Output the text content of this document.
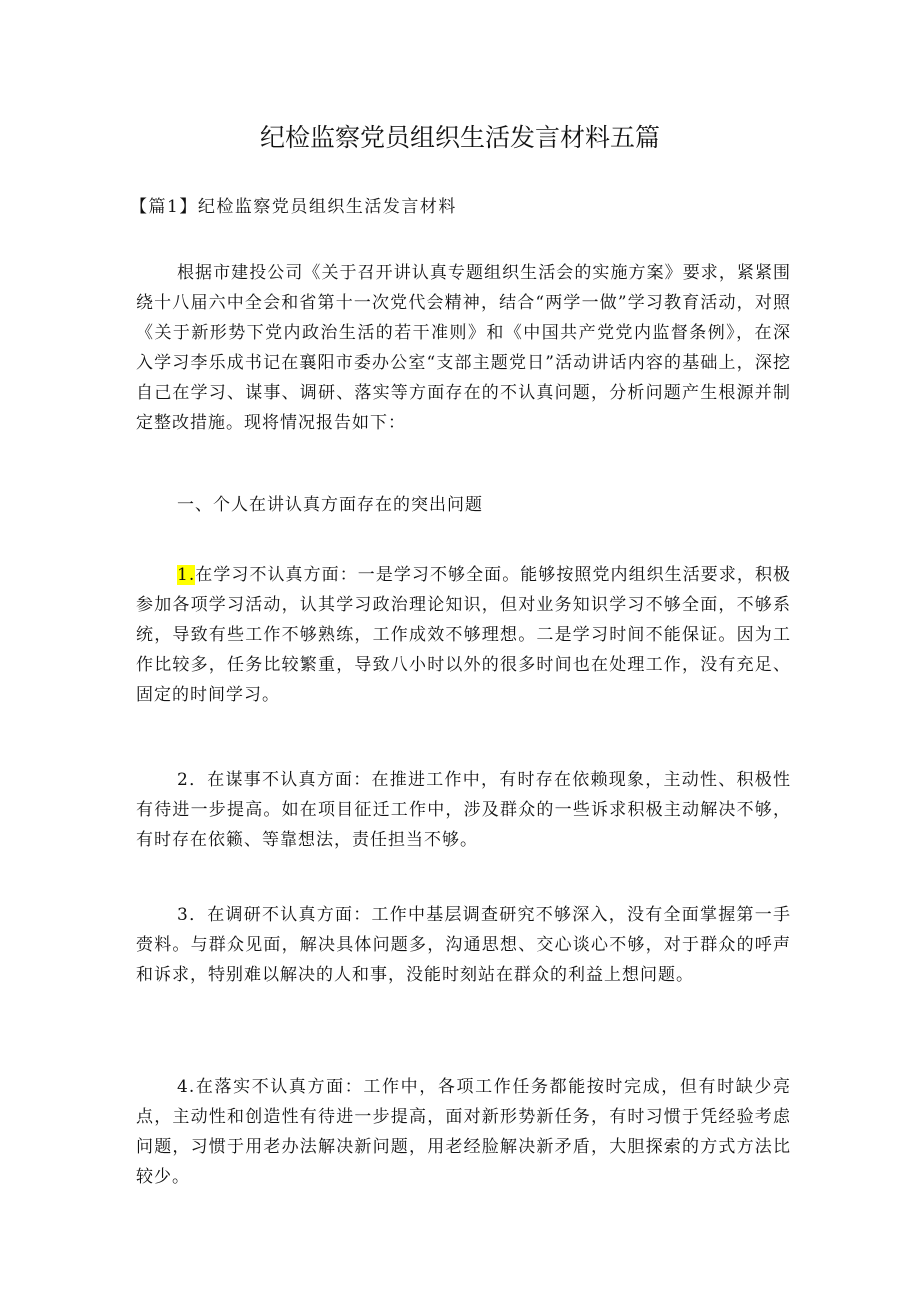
纪检监察党员组织生活发言材料五篇

【篇1】纪检监察党员组织生活发言材料

根据市建投公司《关于召开讲认真专题组织生活会的实施方案》要求，紧紧围绕十八届六中全会和省第十一次党代会精神，结合“两学一做”学习教育活动，对照《关于新形势下党内政治生活的若干准则》和《中国共产党党内监督条例》，在深入学习李乐成书记在襄阳市委办公室“支部主题党日”活动讲话内容的基础上，深挖自己在学习、谋事、调研、落实等方面存在的不认真问题，分析问题产生根源并制定整改措施。现将情况报告如下：

一、个人在讲认真方面存在的突出问题

1.在学习不认真方面：一是学习不够全面。能够按照党内组织生活要求，积极参加各项学习活动，认其学习政治理论知识，但对业务知识学习不够全面，不够系统，导致有些工作不够熟练，工作成效不够理想。二是学习时间不能保证。因为工作比较多，任务比较繁重，导致八小时以外的很多时间也在处理工作，没有充足、固定的时间学习。

2．在谋事不认真方面：在推进工作中，有时存在依赖现象，主动性、积极性有待进一步提高。如在项目征迁工作中，涉及群众的一些诉求积极主动解决不够，有时存在依籁、等靠想法，责任担当不够。

3．在调研不认真方面：工作中基层调查研究不够深入，没有全面掌握第一手赍料。与群众见面，解决具体问题多，沟通思想、交心谈心不够，对于群众的呼声和诉求，特别难以解决的人和事，没能时刻站在群众的利益上想问题。

4.在落实不认真方面：工作中，各项工作任务都能按时完成，但有时缺少亮点，主动性和创造性有待进一步提高，面对新形势新任务，有时习惯于凭经验考虑问题，习惯于用老办法解决新问题，用老经脸解决新矛盾，大胆探索的方式方法比较少。
